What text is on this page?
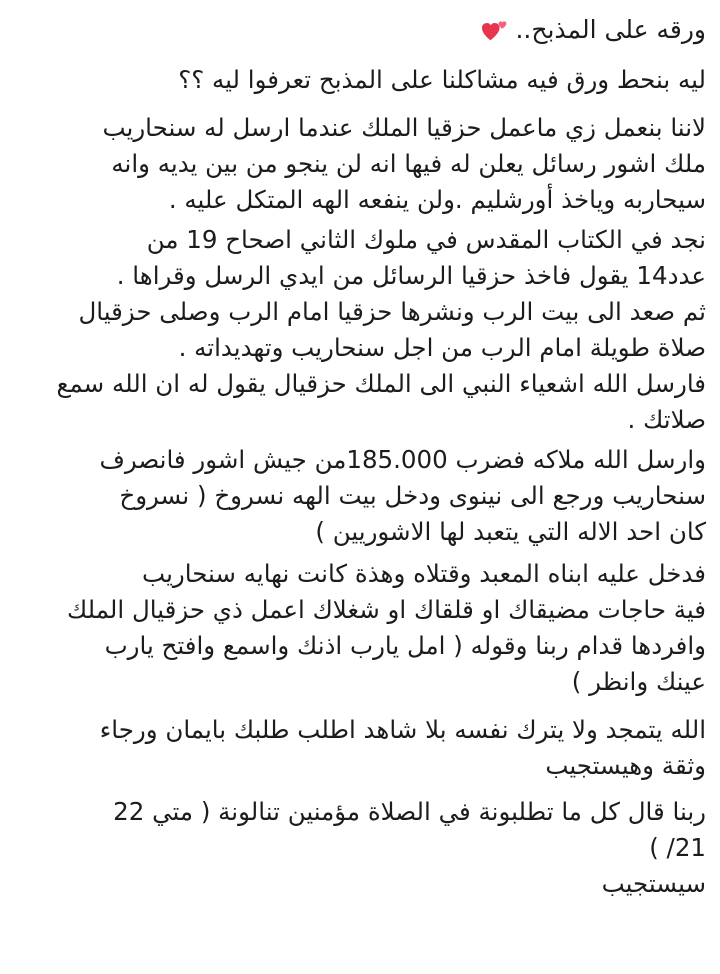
ورقه على المذبح..

ليه بنحط ورق فيه مشاكلنا على المذبح تعرفوا ليه ؟؟

لاننا بنعمل زي ماعمل حزقيا الملك عندما ارسل له سنحاريب
ملك اشور رسائل يعلن له فيها انه لن ينجو من بين يديه وانه
سيحاربه وياخذ أورشليم .ولن ينفعه الهه المتكل عليه .

نجد في الكتاب المقدس في ملوك الثاني اصحاح 19 من
عدد14 يقول فاخذ حزقيا الرسائل من ايدي الرسل وقراها .

ثم صعد الى بيت الرب ونشرها حزقيا امام الرب وصلى حزقيال
صلاة طويلة امام الرب من اجل سنحاريب وتهديداته .

فارسل الله اشعياء النبي الى الملك حزقيال يقول له ان الله سمع
صلاتك .

وارسل الله ملاكه فضرب 185.000من جيش اشور فانصرف
سنحاريب ورجع الى نينوى ودخل بيت الهه نسروخ ( نسروخ
كان احد الاله التي يتعبد لها الاشوريين )

فدخل عليه ابناه المعبد وقتلاه وهذة كانت نهايه سنحاريب
فية حاجات مضيقاك او قلقاك او شغلاك اعمل ذي حزقيال الملك
وافردها قدام ربنا وقوله ( امل يارب اذنك واسمع وافتح يارب
عينك وانظر )

الله يتمجد ولا يترك نفسه بلا شاهد اطلب طلبك بايمان ورجاء
وثقة وهيستجيب

ربنا قال كل ما تطلبونة في الصلاة مؤمنين تنالونة ( متي 22
21/ )
سيستجيب
